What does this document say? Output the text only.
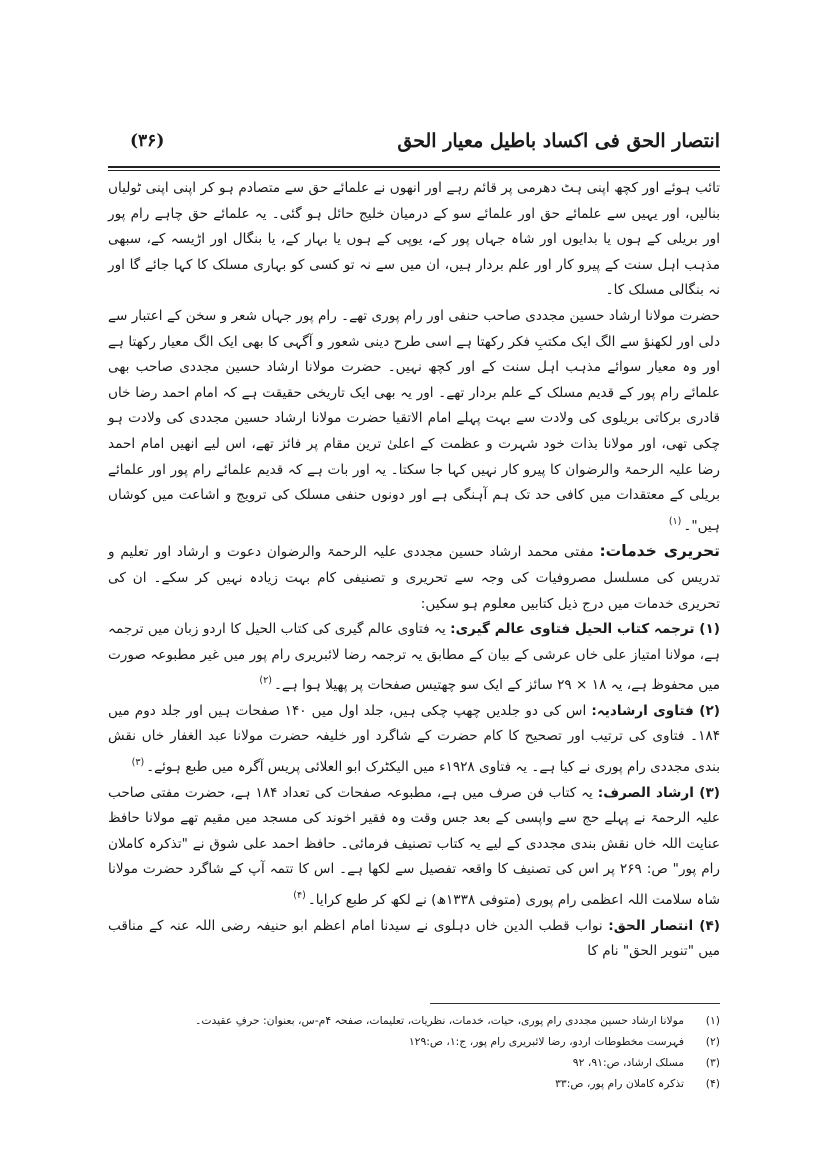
انتصار الحق فی اکساد باطیل معیار الحق
(۳۶)

تائب ہوئے اور کچھ اپنی ہٹ دھرمی پر قائم رہے اور انھوں نے علمائے حق سے متصادم ہو کر اپنی اپنی ٹولیاں بنالیں، اور یہیں سے علمائے حق اور علمائے سو کے درمیان خلیج حائل ہو گئی۔ یہ علمائے حق چاہے رام پور اور بریلی کے ہوں یا بدایوں اور شاہ جہاں پور کے، یوپی کے ہوں یا بہار کے، یا بنگال اور اڑیسہ کے، سبھی مذہب اہل سنت کے پیرو کار اور علم بردار ہیں، ان میں سے نہ تو کسی کو بہاری مسلک کا کہا جائے گا اور نہ بنگالی مسلک کا۔

حضرت مولانا ارشاد حسین مجددی صاحب حنفی اور رام پوری تھے۔ رام پور جہاں شعر و سخن کے اعتبار سے دلی اور لکھنؤ سے الگ ایک مکتبِ فکر رکھتا ہے اسی طرح دینی شعور و آگہی کا بھی ایک الگ معیار رکھتا ہے اور وہ معیار سوائے مذہب اہل سنت کے اور کچھ نہیں۔ حضرت مولانا ارشاد حسین مجددی صاحب بھی علمائے رام پور کے قدیم مسلک کے علم بردار تھے۔ اور یہ بھی ایک تاریخی حقیقت ہے کہ امام احمد رضا خاں قادری برکاتی بریلوی کی ولادت سے بہت پہلے امام الاتقیا حضرت مولانا ارشاد حسین مجددی کی ولادت ہو چکی تھی، اور مولانا بذات خود شہرت و عظمت کے اعلیٰ ترین مقام پر فائز تھے، اس لیے انھیں امام احمد رضا علیہ الرحمۃ والرضوان کا پیرو کار نہیں کہا جا سکتا۔ یہ اور بات ہے کہ قدیم علمائے رام پور اور علمائے بریلی کے معتقدات میں کافی حد تک ہم آہنگی ہے اور دونوں حنفی مسلک کی ترویج و اشاعت میں کوشاں ہیں"۔$^{(۱)}$

تحریری خدمات: مفتی محمد ارشاد حسین مجددی علیہ الرحمۃ والرضوان دعوت و ارشاد اور تعلیم و تدریس کی مسلسل مصروفیات کی وجہ سے تحریری و تصنیفی کام بہت زیادہ نہیں کر سکے۔ ان کی تحریری خدمات میں درج ذیل کتابیں معلوم ہو سکیں:

(۱) ترجمہ کتاب الحیل فتاوی عالم گیری: یہ فتاوی عالم گیری کی کتاب الحیل کا اردو زبان میں ترجمہ ہے، مولانا امتیاز علی خاں عرشی کے بیان کے مطابق یہ ترجمہ رضا لائبریری رام پور میں غیر مطبوعہ صورت میں محفوظ ہے، یہ ۱۸ × ۲۹ سائز کے ایک سو چھتیس صفحات پر پھیلا ہوا ہے۔$^{(۲)}$

(۲) فتاوی ارشادیہ: اس کی دو جلدیں چھپ چکی ہیں، جلد اول میں ۱۴۰ صفحات ہیں اور جلد دوم میں ۱۸۴۔ فتاوی کی ترتیب اور تصحیح کا کام حضرت کے شاگرد اور خلیفہ حضرت مولانا عبد الغفار خاں نقش بندی مجددی رام پوری نے کیا ہے۔ یہ فتاوی ۱۹۲۸ء میں الیکٹرک ابو العلائی پریس آگرہ میں طبع ہوئے۔$^{(۳)}$

(۳) ارشاد الصرف: یہ کتاب فن صرف میں ہے، مطبوعہ صفحات کی تعداد ۱۸۴ ہے، حضرت مفتی صاحب علیہ الرحمۃ نے پہلے حج سے واپسی کے بعد جس وقت وہ فقیر اخوند کی مسجد میں مقیم تھے مولانا حافظ عنایت اللہ خاں نقش بندی مجددی کے لیے یہ کتاب تصنیف فرمائی۔ حافظ احمد علی شوق نے "تذکرہ کاملان رام پور" ص: ۲۶۹ پر اس کی تصنیف کا واقعہ تفصیل سے لکھا ہے۔ اس کا تتمہ آپ کے شاگرد حضرت مولانا شاہ سلامت اللہ اعظمی رام پوری (متوفی ۱۳۳۸ھ) نے لکھ کر طبع کرایا۔$^{(۴)}$

(۴) انتصار الحق: نواب قطب الدین خاں دہلوی نے سیدنا امام اعظم ابو حنیفہ رضی اللہ عنہ کے مناقب میں "تنویر الحق" نام کا

(۱)
مولانا ارشاد حسین مجددی رام پوری، حیات، خدمات، نظریات، تعلیمات، صفحہ ۴م-س، بعنوان: حرفِ عقیدت۔
(۲)
فہرست مخطوطات اردو، رضا لائبریری رام پور، ج:۱، ص:۱۲۹
(۳)
مسلک ارشاد، ص:۹۱، ۹۲
(۴)
تذکرہ کاملان رام پور، ص:۳۳
